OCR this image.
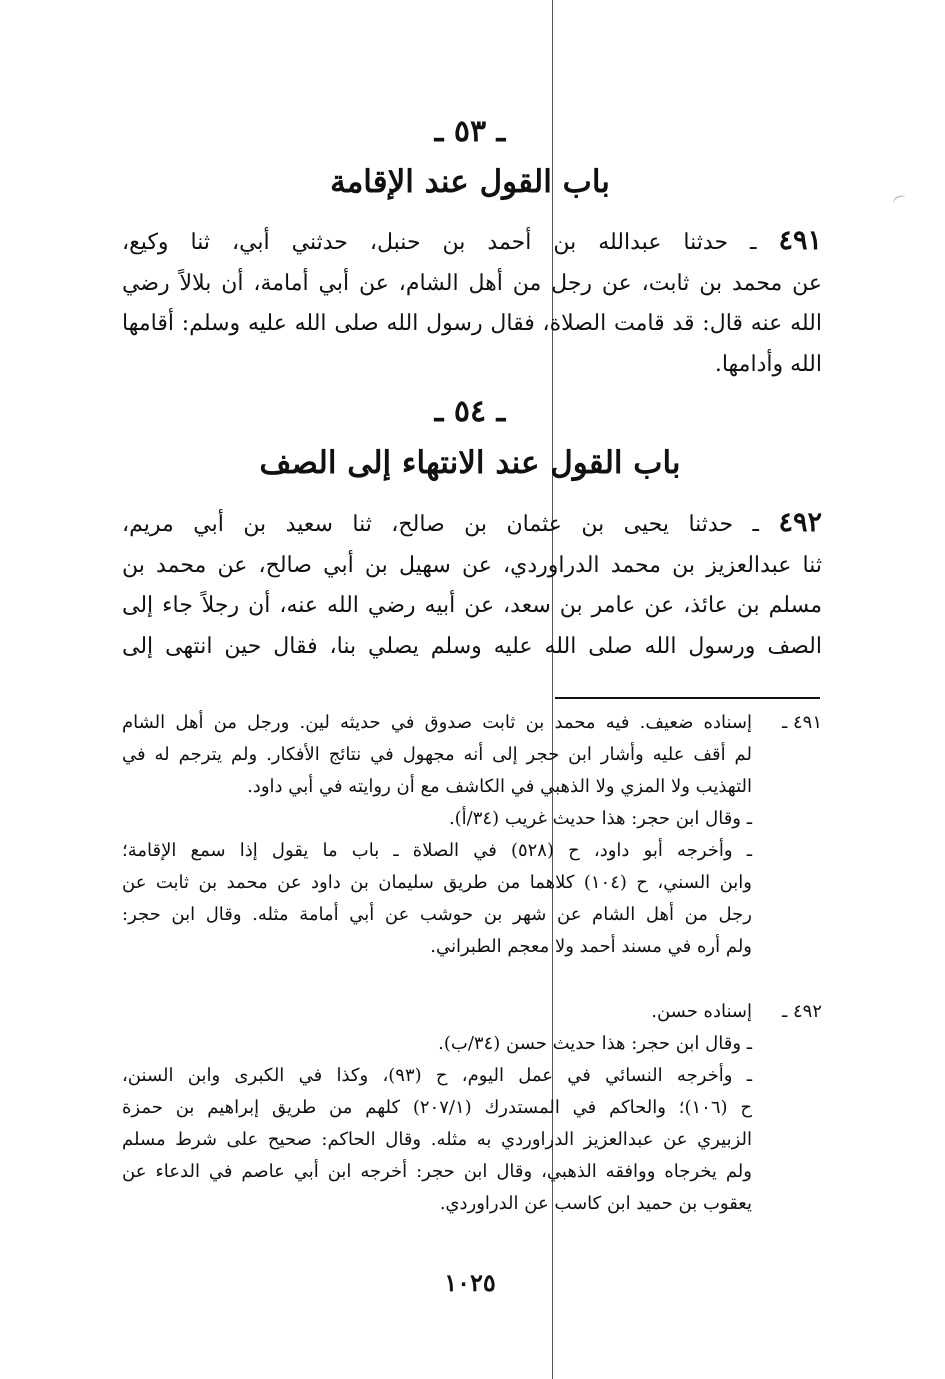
ـ ٥٣ ـ
باب القول عند الإقامة
٤٩١ ـ حدثنا عبدالله بن أحمد بن حنبل، حدثني أبي، ثنا وكيع،
عن محمد بن ثابت، عن رجل من أهل الشام، عن أبي أمامة، أن بلالاً رضي
الله عنه قال: قد قامت الصلاة، فقال رسول الله صلى الله عليه وسلم: أقامها
الله وأدامها.
ـ ٥٤ ـ
باب القول عند الانتهاء إلى الصف
٤٩٢ ـ حدثنا يحيى بن عثمان بن صالح، ثنا سعيد بن أبي مريم،
ثنا عبدالعزيز بن محمد الدراوردي، عن سهيل بن أبي صالح، عن محمد بن
مسلم بن عائذ، عن عامر بن سعد، عن أبيه رضي الله عنه، أن رجلاً جاء إلى
الصف ورسول الله صلى الله عليه وسلم يصلي بنا، فقال حين انتهى إلى
٤٩١ ـ
إسناده ضعيف. فيه محمد بن ثابت صدوق في حديثه لين. ورجل من أهل الشام
لم أقف عليه وأشار ابن حجر إلى أنه مجهول في نتائج الأفكار. ولم يترجم له في
التهذيب ولا المزي ولا الذهبي في الكاشف مع أن روايته في أبي داود.
ـ وقال ابن حجر: هذا حديث غريب (٣٤/أ).
ـ وأخرجه أبو داود، ح (٥٢٨) في الصلاة ـ باب ما يقول إذا سمع الإقامة؛
وابن السني، ح (١٠٤) كلاهما من طريق سليمان بن داود عن محمد بن ثابت عن
رجل من أهل الشام عن شهر بن حوشب عن أبي أمامة مثله. وقال ابن حجر:
ولم أره في مسند أحمد ولا معجم الطبراني.
٤٩٢ ـ
إسناده حسن.
ـ وقال ابن حجر: هذا حديث حسن (٣٤/ب).
ـ وأخرجه النسائي في عمل اليوم، ح (٩٣)، وكذا في الكبرى وابن السنن،
ح (١٠٦)؛ والحاكم في المستدرك (٢٠٧/١) كلهم من طريق إبراهيم بن حمزة
الزبيري عن عبدالعزيز الدراوردي به مثله. وقال الحاكم: صحيح على شرط مسلم
ولم يخرجاه ووافقه الذهبي، وقال ابن حجر: أخرجه ابن أبي عاصم في الدعاء عن
يعقوب بن حميد ابن كاسب عن الدراوردي.
١٠٢٥
